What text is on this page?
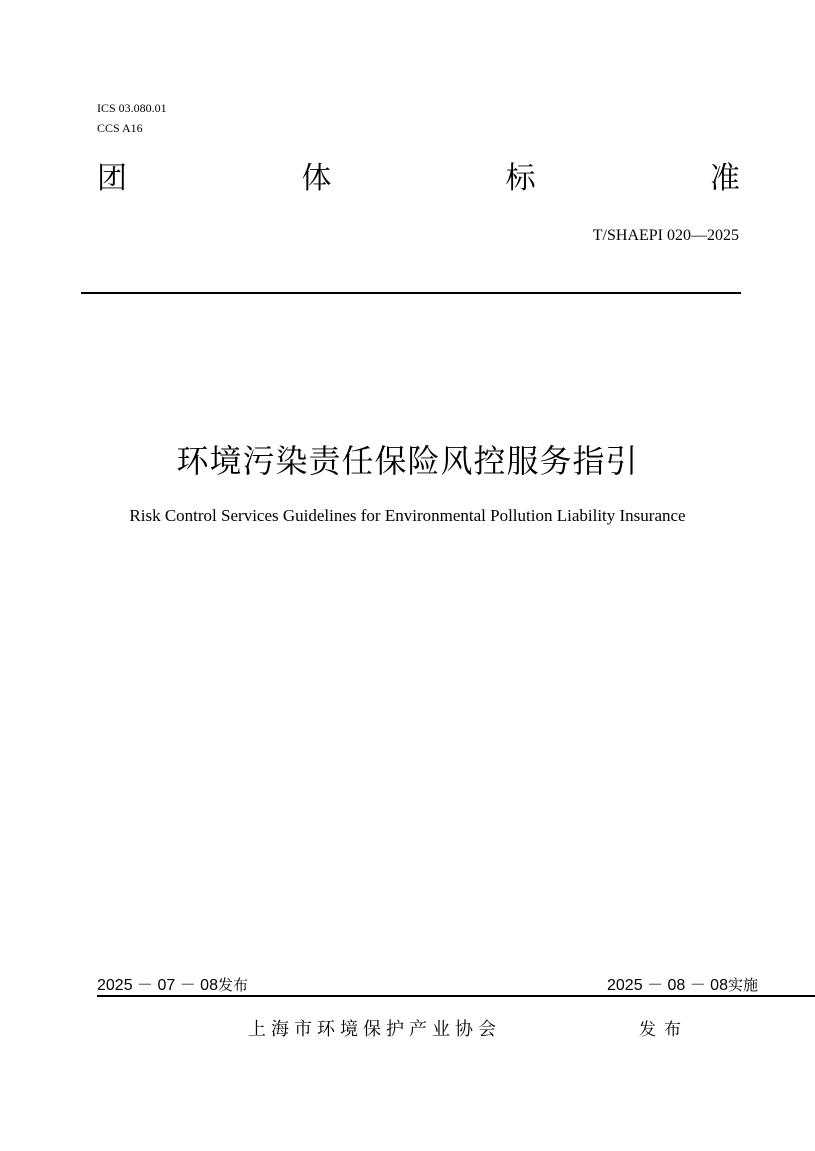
ICS 03.080.01
CCS A16
团	体	标	准
T/SHAEPI 020—2025
环境污染责任保险风控服务指引
Risk Control Services Guidelines for Environmental Pollution Liability Insurance
2025 － 07 － 08发布	2025 － 08 － 08实施
上海市环境保护产业协会	发布
